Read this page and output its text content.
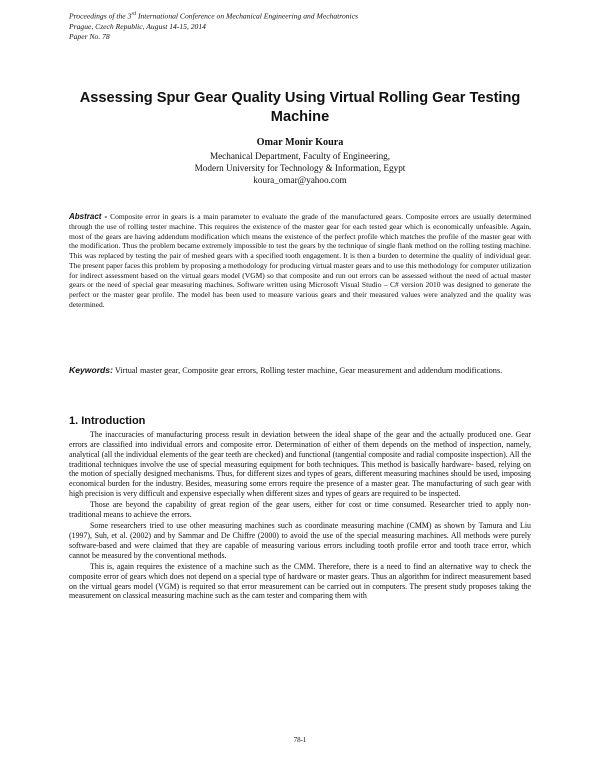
Proceedings of the 3rd International Conference on Mechanical Engineering and Mechatronics
Prague, Czech Republic, August 14-15, 2014
Paper No. 78
Assessing Spur Gear Quality Using Virtual Rolling Gear Testing Machine
Omar Monir Koura
Mechanical Department, Faculty of Engineering,
Modern University for Technology & Information, Egypt
koura_omar@yahoo.com
Abstract - Composite error in gears is a main parameter to evaluate the grade of the manufactured gears. Composite errors are usually determined through the use of rolling tester machine. This requires the existence of the master gear for each tested gear which is economically unfeasible. Again, most of the gears are having addendum modification which means the existence of the perfect profile which matches the profile of the master gear with the modification. Thus the problem became extremely impossible to test the gears by the technique of single flank method on the rolling testing machine. This was replaced by testing the pair of meshed gears with a specified tooth engagement. It is then a burden to determine the quality of individual gear. The present paper faces this problem by proposing a methodology for producing virtual master gears and to use this methodology for computer utilization for indirect assessment based on the virtual gears model (VGM) so that composite and run out errors can be assessed without the need of actual master gears or the need of special gear measuring machines. Software written using Microsoft Visual Studio – C# version 2010 was designed to generate the perfect or the master gear profile. The model has been used to measure various gears and their measured values were analyzed and the quality was determined.
Keywords: Virtual master gear, Composite gear errors, Rolling tester machine, Gear measurement and addendum modifications.
1. Introduction

The inaccuracies of manufacturing process result in deviation between the ideal shape of the gear and the actually produced one. Gear errors are classified into individual errors and composite error. Determination of either of them depends on the method of inspection, namely, analytical (all the individual elements of the gear teeth are checked) and functional (tangential composite and radial composite inspection). All the traditional techniques involve the use of special measuring equipment for both techniques. This method is basically hardware- based, relying on the motion of specially designed mechanisms. Thus, for different sizes and types of gears, different measuring machines should be used, imposing economical burden for the industry. Besides, measuring some errors require the presence of a master gear. The manufacturing of such gear with high precision is very difficult and expensive especially when different sizes and types of gears are required to be inspected.

Those are beyond the capability of great region of the gear users, either for cost or time consumed. Researcher tried to apply non-traditional means to achieve the errors.

Some researchers tried to use other measuring machines such as coordinate measuring machine (CMM) as shown by Tamura and Liu (1997), Suh, et al. (2002) and by Sammar and De Chiffre (2000) to avoid the use of the special measuring machines. All methods were purely software-based and were claimed that they are capable of measuring various errors including tooth profile error and tooth trace error, which cannot be measured by the conventional methods.

This is, again requires the existence of a machine such as the CMM. Therefore, there is a need to find an alternative way to check the composite error of gears which does not depend on a special type of hardware or master gears. Thus an algorithm for indirect measurement based on the virtual gears model (VGM) is required so that error measurement can be carried out in computers. The present study proposes taking the measurement on classical measuring machine such as the cam tester and comparing them with

78-1
